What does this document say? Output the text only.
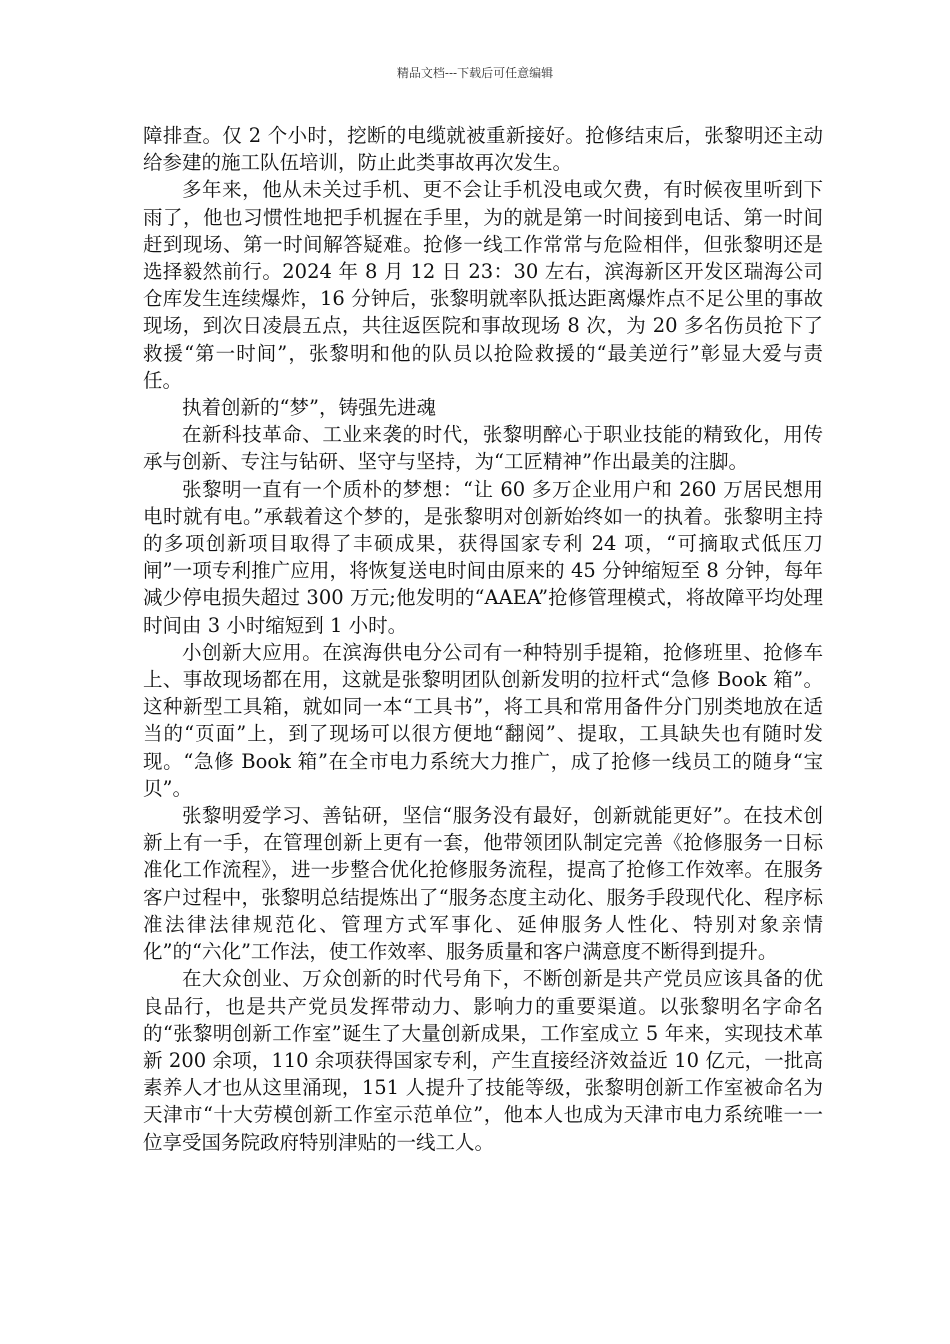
精品文档---下载后可任意编辑

障排查。仅 2 个小时，挖断的电缆就被重新接好。抢修结束后，张黎明还主动给参建的施工队伍培训，防止此类事故再次发生。

多年来，他从未关过手机、更不会让手机没电或欠费，有时候夜里听到下雨了，他也习惯性地把手机握在手里，为的就是第一时间接到电话、第一时间赶到现场、第一时间解答疑难。抢修一线工作常常与危险相伴，但张黎明还是选择毅然前行。2024 年 8 月 12 日 23：30 左右，滨海新区开发区瑞海公司仓库发生连续爆炸，16 分钟后，张黎明就率队抵达距离爆炸点不足公里的事故现场，到次日凌晨五点，共往返医院和事故现场 8 次，为 20 多名伤员抢下了救援“第一时间”，张黎明和他的队员以抢险救援的“最美逆行”彰显大爱与责任。

执着创新的“梦”，铸强先进魂

在新科技革命、工业来袭的时代，张黎明醉心于职业技能的精致化，用传承与创新、专注与钻研、坚守与坚持，为“工匠精神”作出最美的注脚。

张黎明一直有一个质朴的梦想：“让 60 多万企业用户和 260 万居民想用电时就有电。”承载着这个梦的，是张黎明对创新始终如一的执着。张黎明主持的多项创新项目取得了丰硕成果，获得国家专利 24 项，“可摘取式低压刀闸”一项专利推广应用，将恢复送电时间由原来的 45 分钟缩短至 8 分钟，每年减少停电损失超过 300 万元;他发明的“AAEA”抢修管理模式，将故障平均处理时间由 3 小时缩短到 1 小时。

小创新大应用。在滨海供电分公司有一种特别手提箱，抢修班里、抢修车上、事故现场都在用，这就是张黎明团队创新发明的拉杆式“急修 Book 箱”。这种新型工具箱，就如同一本“工具书”，将工具和常用备件分门别类地放在适当的“页面”上，到了现场可以很方便地“翻阅”、提取，工具缺失也有随时发现。“急修 Book 箱”在全市电力系统大力推广，成了抢修一线员工的随身“宝贝”。

张黎明爱学习、善钻研，坚信“服务没有最好，创新就能更好”。在技术创新上有一手，在管理创新上更有一套，他带领团队制定完善《抢修服务一日标准化工作流程》，进一步整合优化抢修服务流程，提高了抢修工作效率。在服务客户过程中，张黎明总结提炼出了“服务态度主动化、服务手段现代化、程序标准法律法律规范化、管理方式军事化、延伸服务人性化、特别对象亲情化”的“六化”工作法，使工作效率、服务质量和客户满意度不断得到提升。

在大众创业、万众创新的时代号角下，不断创新是共产党员应该具备的优良品行，也是共产党员发挥带动力、影响力的重要渠道。以张黎明名字命名的“张黎明创新工作室”诞生了大量创新成果，工作室成立 5 年来，实现技术革新 200 余项，110 余项获得国家专利，产生直接经济效益近 10 亿元，一批高素养人才也从这里涌现，151 人提升了技能等级，张黎明创新工作室被命名为天津市“十大劳模创新工作室示范单位”，他本人也成为天津市电力系统唯一一位享受国务院政府特别津贴的一线工人。
